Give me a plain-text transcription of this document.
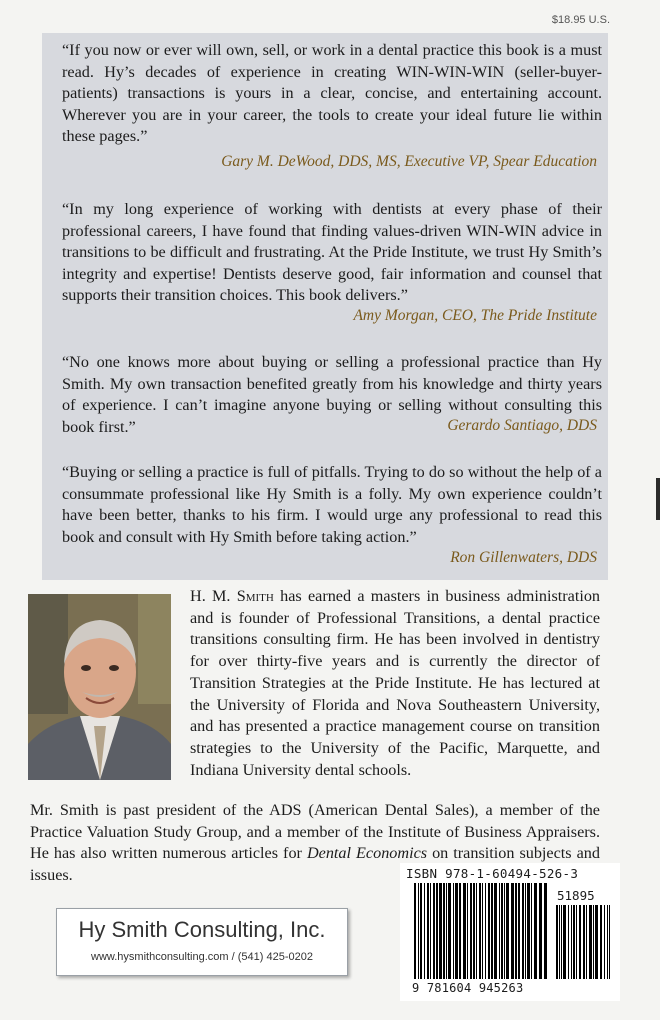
$18.95 U.S.
“If you now or ever will own, sell, or work in a dental practice this book is a must read. Hy’s decades of experience in creating WIN-WIN-WIN (seller-buyer-patients) transactions is yours in a clear, concise, and entertaining account. Wherever you are in your career, the tools to create your ideal future lie within these pages.”
Gary M. DeWood, DDS, MS, Executive VP, Spear Education
“In my long experience of working with dentists at every phase of their professional careers, I have found that finding values-driven WIN-WIN advice in transitions to be difficult and frustrating. At the Pride Institute, we trust Hy Smith’s integrity and expertise! Dentists deserve good, fair information and counsel that supports their transition choices. This book delivers.”
Amy Morgan, CEO, The Pride Institute
“No one knows more about buying or selling a professional practice than Hy Smith. My own transaction benefited greatly from his knowledge and thirty years of experience. I can’t imagine anyone buying or selling without consulting this book first.”	Gerardo Santiago, DDS
“Buying or selling a practice is full of pitfalls. Trying to do so without the help of a consummate professional like Hy Smith is a folly. My own experience couldn’t have been better, thanks to his firm. I would urge any professional to read this book and consult with Hy Smith before taking action.”
Ron Gillenwaters, DDS
H. M. Smith has earned a masters in business administration and is founder of Professional Transitions, a dental practice transitions consulting firm. He has been involved in dentistry for over thirty-five years and is currently the director of Transition Strategies at the Pride Institute. He has lectured at the University of Florida and Nova Southeastern University, and has presented a practice management course on transition strategies to the University of the Pacific, Marquette, and Indiana University dental schools.
Mr. Smith is past president of the ADS (American Dental Sales), a member of the Practice Valuation Study Group, and a member of the Institute of Business Appraisers. He has also written numerous articles for Dental Economics on transition subjects and issues.
Hy Smith Consulting, Inc.
www.hysmithconsulting.com / (541) 425-0202
ISBN 978-1-60494-526-3
51895
9 781604 945263
